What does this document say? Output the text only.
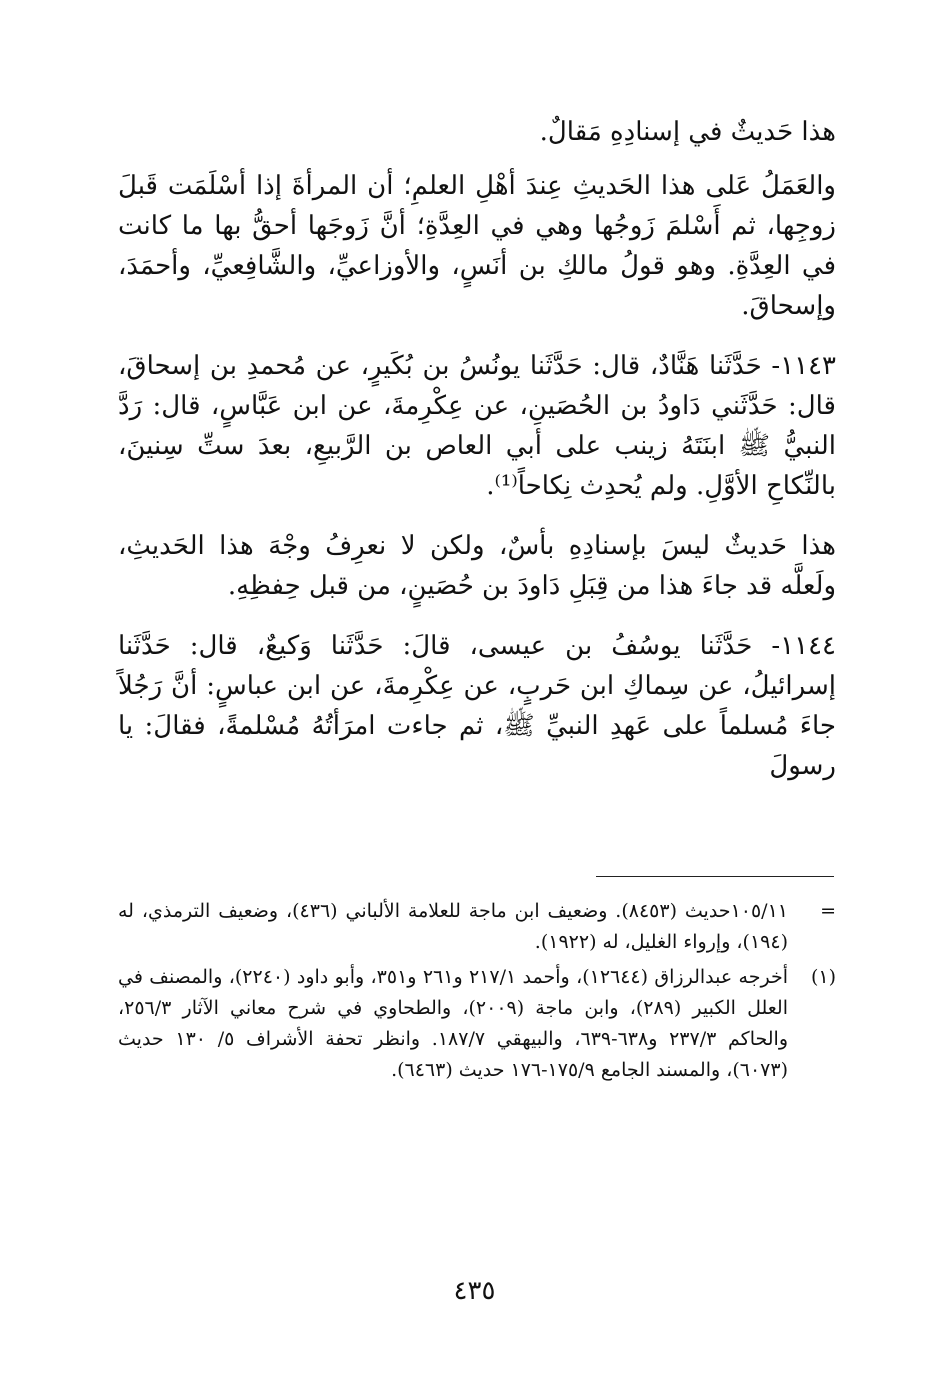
هذا حَديثٌ في إسنادِهِ مَقالٌ.

والعَمَلُ عَلى هذا الحَديثِ عِندَ أهْلِ العلمِ؛ أن المرأةَ إذا أسْلَمَت قَبلَ زوجِها، ثم أَسْلمَ زَوجُها وهي في العِدَّةِ؛ أنَّ زَوجَها أحقُّ بها ما كانت في العِدَّةِ. وهو قولُ مالكِ بن أنَسٍ، والأوزاعيِّ، والشَّافِعيِّ، وأحمَدَ، وإسحاقَ.

١١٤٣- حَدَّثَنا هَنَّادٌ، قال: حَدَّثَنا يونُسُ بن بُكَيرٍ، عن مُحمدِ بن إسحاقَ، قال: حَدَّثَني دَاودُ بن الحُصَينِ، عن عِكْرِمةَ، عن ابن عَبَّاسٍ، قال: رَدَّ النبيُّ ﷺ ابنَتَهُ زينب على أبي العاص بن الرَّبيعِ، بعدَ ستِّ سِنينَ، بالنِّكاحِ الأوَّلِ. ولم يُحدِث نِكاحاً⁽¹⁾.

هذا حَديثٌ ليسَ بإسنادِهِ بأسٌ، ولكن لا نعرِفُ وجْهَ هذا الحَديثِ، ولَعلَّه قد جاءَ هذا من قِبَلِ دَاودَ بن حُصَينٍ، من قبل حِفظِهِ.

١١٤٤- حَدَّثَنا يوسُفُ بن عيسى، قالَ: حَدَّثَنا وَكيعٌ، قال: حَدَّثَنا إسرائيلُ، عن سِماكِ ابن حَربٍ، عن عِكْرِمةَ، عن ابن عباسٍ: أنَّ رَجُلاً جاءَ مُسلماً على عَهدِ النبيِّ ﷺ، ثم جاءت امرَأتُهُ مُسْلمةً، فقالَ: يا رسولَ

=
١٠٥/١١حديث (٨٤٥٣). وضعيف ابن ماجة للعلامة الألباني (٤٣٦)، وضعيف الترمذي، له (١٩٤)، وإرواء الغليل، له (١٩٢٢).
(١)
أخرجه عبدالرزاق (١٢٦٤٤)، وأحمد ٢١٧/١ و٢٦١ و٣٥١، وأبو داود (٢٢٤٠)، والمصنف في العلل الكبير (٢٨٩)، وابن ماجة (٢٠٠٩)، والطحاوي في شرح معاني الآثار ٢٥٦/٣، والحاكم ٢٣٧/٣ و٦٣٨-٦٣٩، والبيهقي ١٨٧/٧. وانظر تحفة الأشراف ٥/ ١٣٠ حديث (٦٠٧٣)، والمسند الجامع ١٧٥/٩-١٧٦ حديث (٦٤٦٣).
٤٣٥
